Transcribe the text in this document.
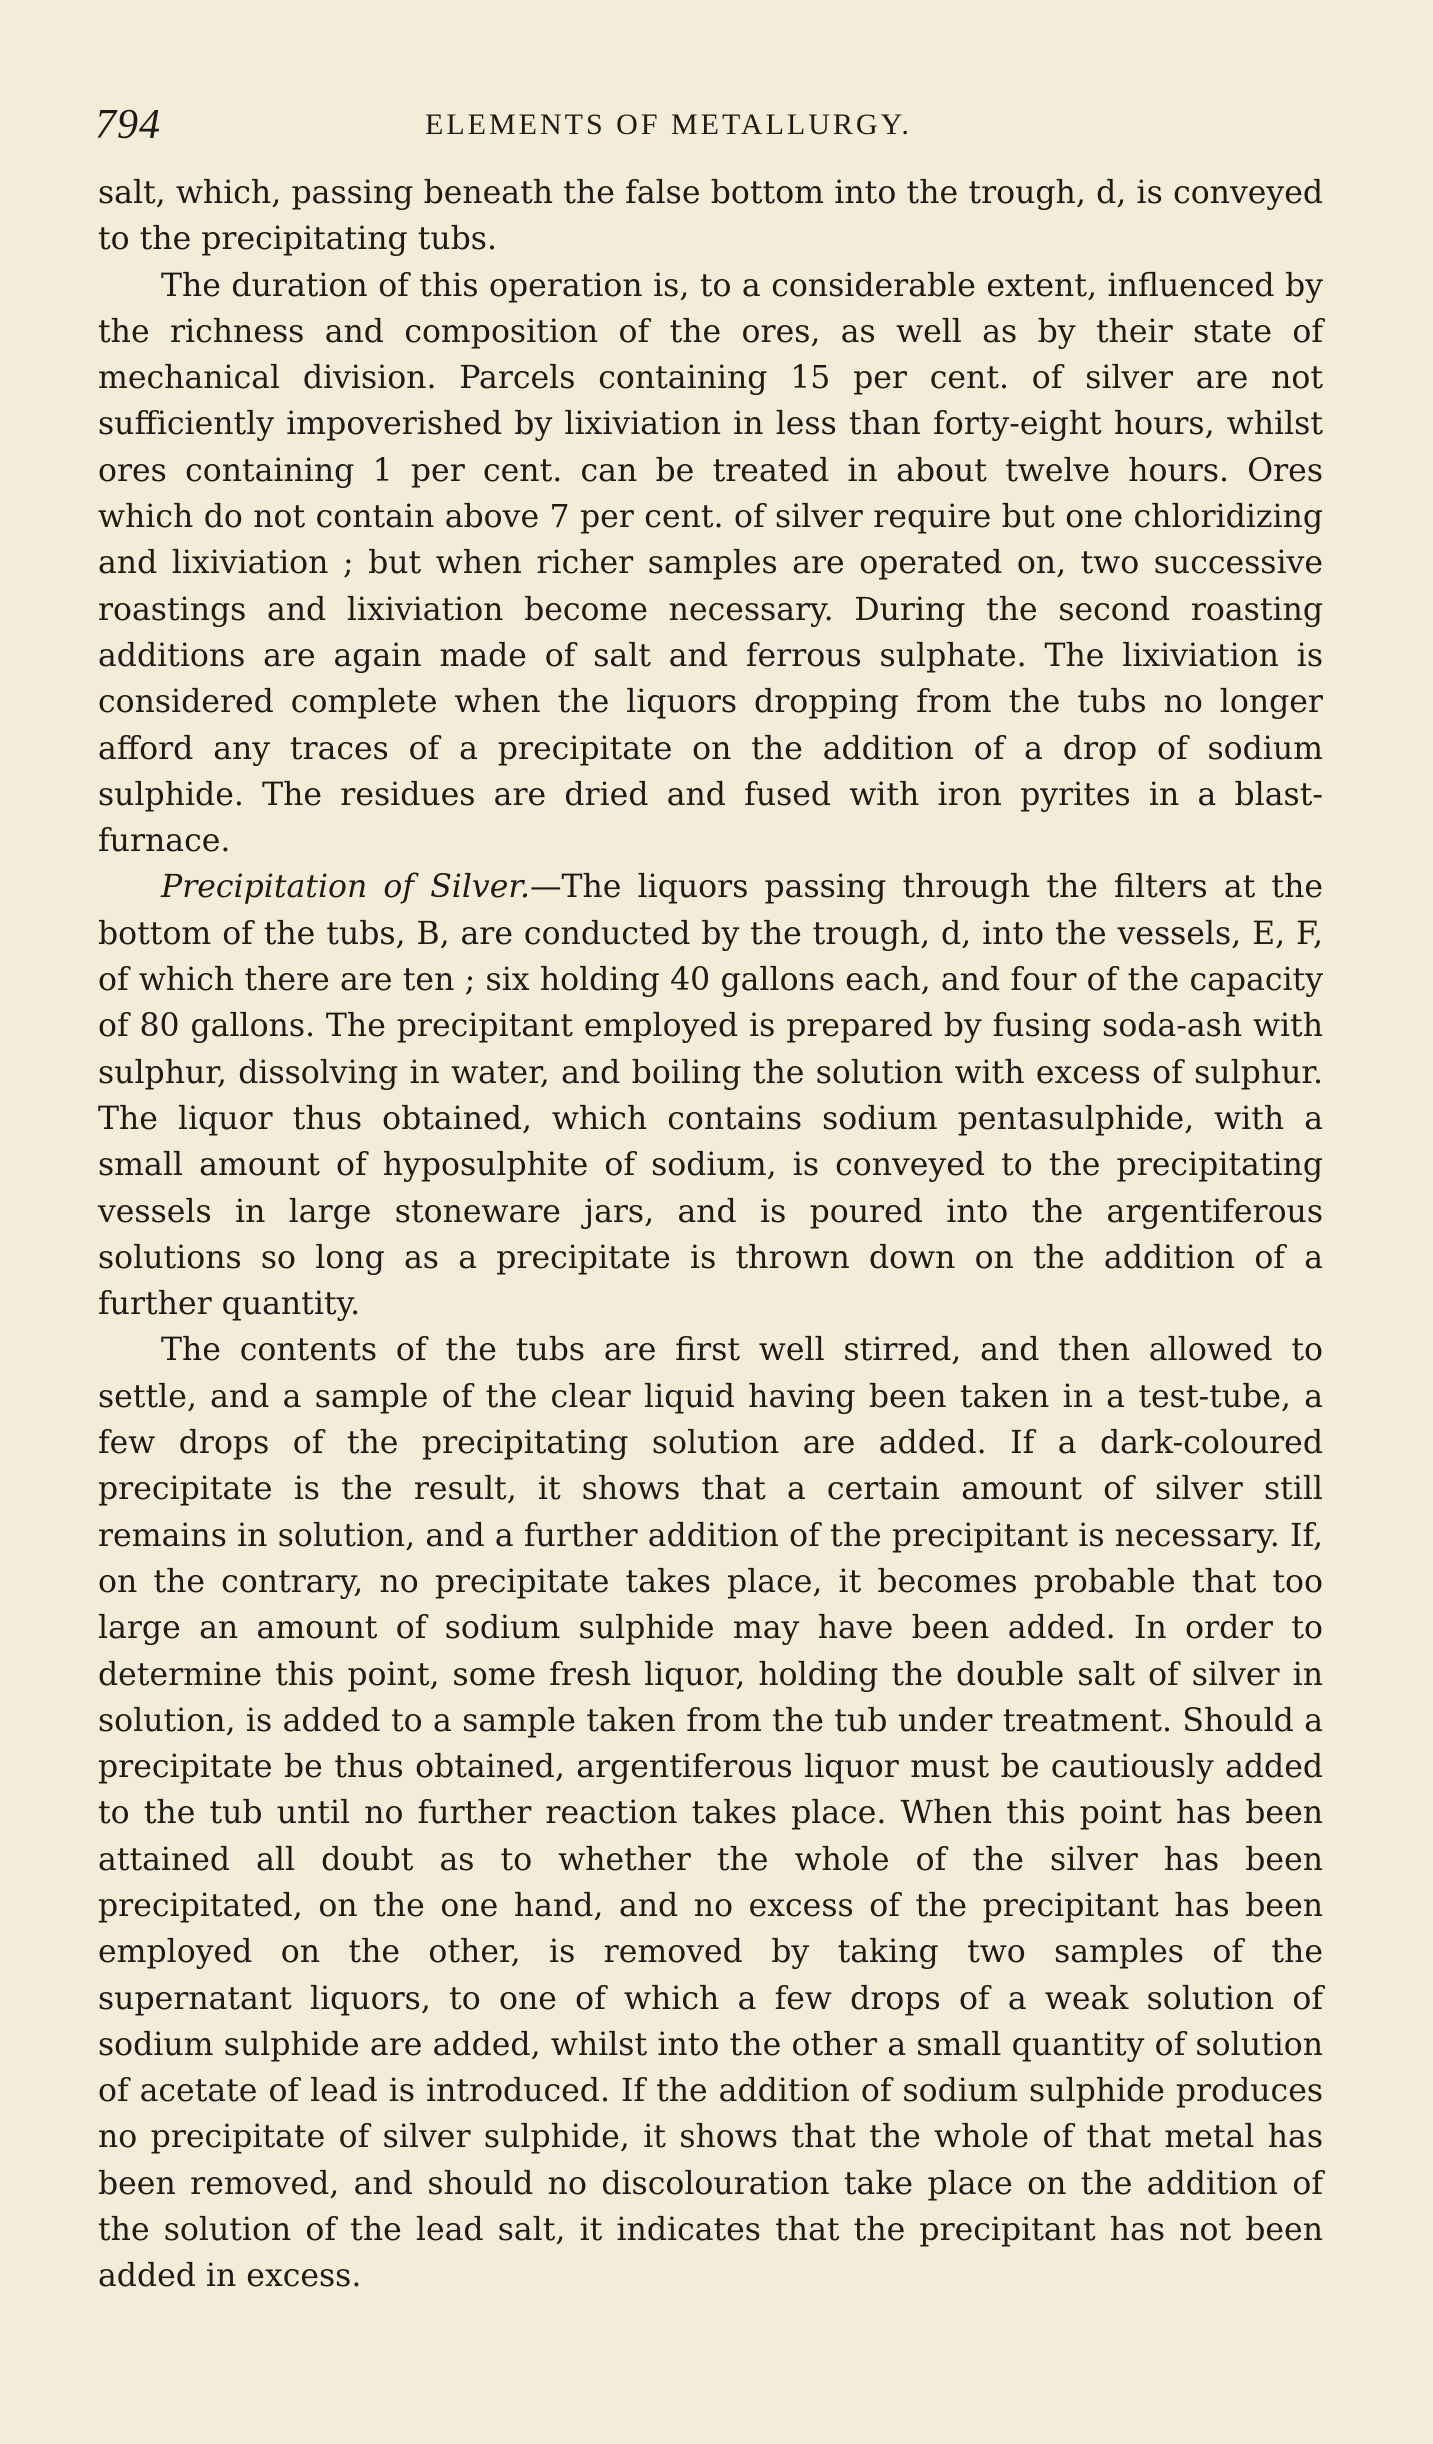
794	ELEMENTS OF METALLURGY.

salt, which, passing beneath the false bottom into the trough, d, is conveyed to the precipitating tubs.

The duration of this operation is, to a considerable extent, influenced by the richness and composition of the ores, as well as by their state of mechanical division. Parcels containing 15 per cent. of silver are not sufficiently impoverished by lixiviation in less than forty-eight hours, whilst ores containing 1 per cent. can be treated in about twelve hours. Ores which do not contain above 7 per cent. of silver require but one chloridizing and lixiviation ; but when richer samples are operated on, two successive roastings and lixiviation become necessary. During the second roasting additions are again made of salt and ferrous sulphate. The lixiviation is considered complete when the liquors dropping from the tubs no longer afford any traces of a precipitate on the addition of a drop of sodium sulphide. The residues are dried and fused with iron pyrites in a blast-furnace.

Precipitation of Silver.—The liquors passing through the filters at the bottom of the tubs, B, are conducted by the trough, d, into the vessels, E, F, of which there are ten ; six holding 40 gallons each, and four of the capacity of 80 gallons. The precipitant employed is prepared by fusing soda-ash with sulphur, dissolving in water, and boiling the solution with excess of sulphur. The liquor thus obtained, which contains sodium pentasulphide, with a small amount of hyposulphite of sodium, is conveyed to the precipitating vessels in large stoneware jars, and is poured into the argentiferous solutions so long as a precipitate is thrown down on the addition of a further quantity.

The contents of the tubs are first well stirred, and then allowed to settle, and a sample of the clear liquid having been taken in a test-tube, a few drops of the precipitating solution are added. If a dark-coloured precipitate is the result, it shows that a certain amount of silver still remains in solution, and a further addition of the precipitant is necessary. If, on the contrary, no precipitate takes place, it becomes probable that too large an amount of sodium sulphide may have been added. In order to determine this point, some fresh liquor, holding the double salt of silver in solution, is added to a sample taken from the tub under treatment. Should a precipitate be thus obtained, argentiferous liquor must be cautiously added to the tub until no further reaction takes place. When this point has been attained all doubt as to whether the whole of the silver has been precipitated, on the one hand, and no excess of the precipitant has been employed on the other, is removed by taking two samples of the supernatant liquors, to one of which a few drops of a weak solution of sodium sulphide are added, whilst into the other a small quantity of solution of acetate of lead is introduced. If the addition of sodium sulphide produces no precipitate of silver sulphide, it shows that the whole of that metal has been removed, and should no discolouration take place on the addition of the solution of the lead salt, it indicates that the precipitant has not been added in excess.
